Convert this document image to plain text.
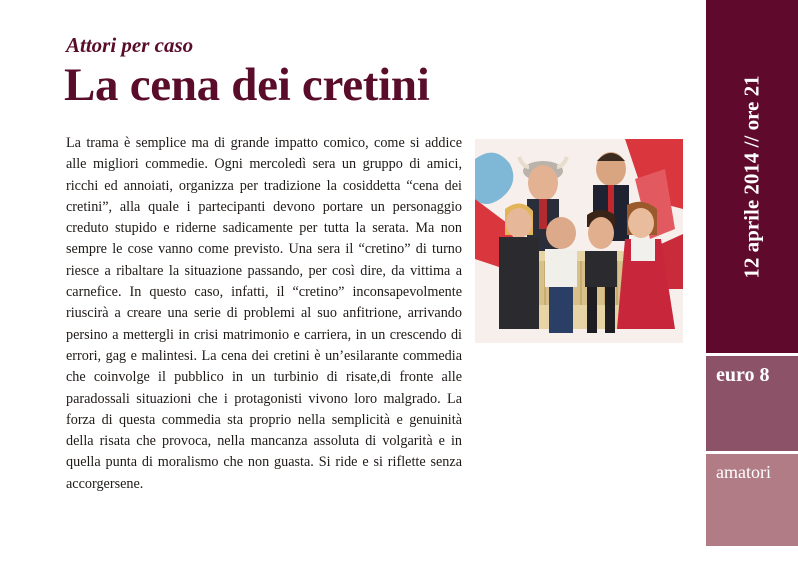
Attori per caso
La cena dei cretini

La trama è semplice ma di grande impatto comico, come si addice alle migliori commedie. Ogni mercoledì sera un gruppo di amici, ricchi ed annoiati, organizza per tradizione la cosiddetta “cena dei cretini”, alla quale i partecipanti devono portare un personaggio creduto stupido e riderne sadicamente per tutta la serata. Ma non sempre le cose vanno come previsto. Una sera il “cretino” di turno riesce a ribaltare la situazione passando, per così dire, da vittima a carnefice. In questo caso, infatti, il “cretino” inconsapevolmente riuscirà a creare una serie di problemi al suo anfitrione, arrivando persino a mettergli in crisi matrimonio e carriera, in un crescendo di errori, gag e malintesi. La cena dei cretini è un’esilarante commedia che coinvolge il pubblico in un turbinio di risate,di fronte alle paradossali situazioni che i protagonisti vivono loro malgrado. La forza di questa commedia sta proprio nella semplicità e genuinità della risata che provoca, nella mancanza assoluta di volgarità e in quella punta di moralismo che non guasta. Si ride e si riflette senza accorgersene.

12 aprile 2014 // ore 21
euro 8
amatori
